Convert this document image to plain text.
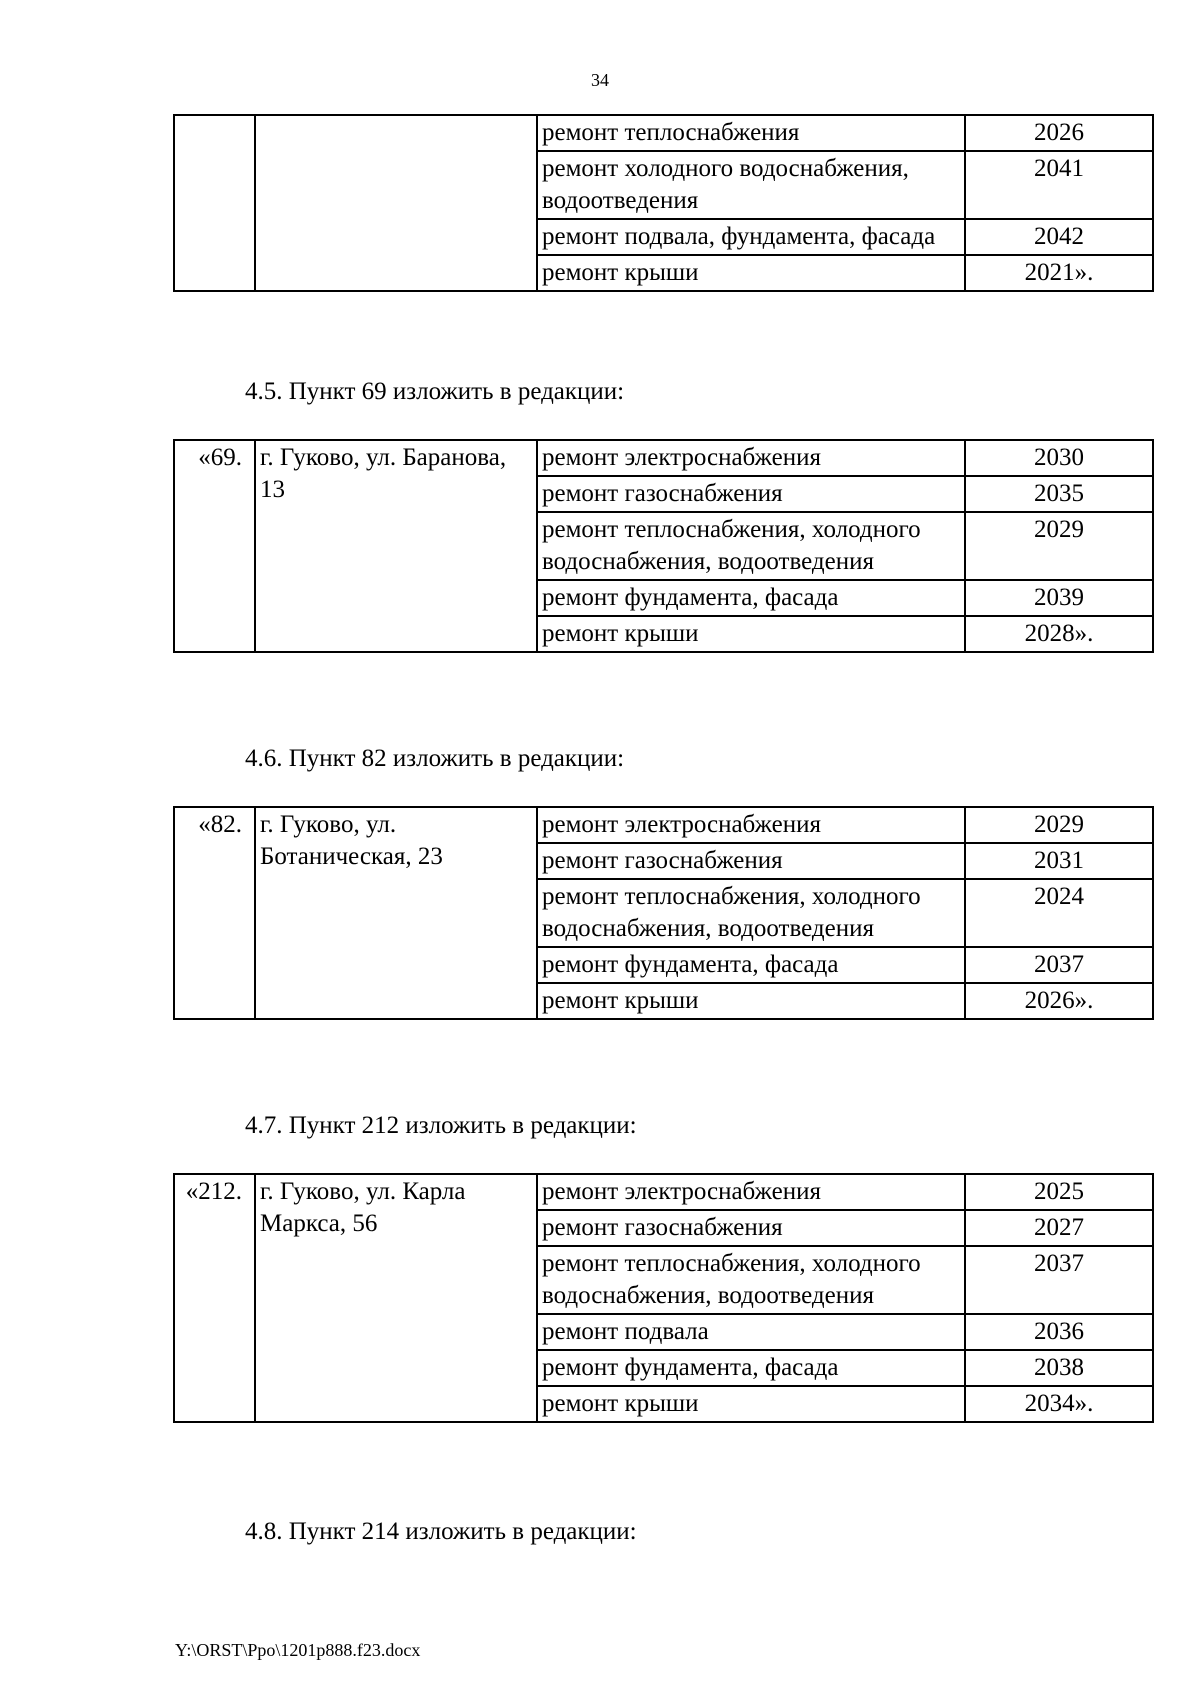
34
		ремонт теплоснабжения	2026
		ремонт холодного водоснабжения, водоотведения	2041
		ремонт подвала, фундамента, фасада	2042
		ремонт крыши	2021».
4.5. Пункт 69 изложить в редакции:
«69.	г. Гуково, ул. Баранова, 13	ремонт электроснабжения	2030
		ремонт газоснабжения	2035
		ремонт теплоснабжения, холодного водоснабжения, водоотведения	2029
		ремонт фундамента, фасада	2039
		ремонт крыши	2028».
4.6. Пункт 82 изложить в редакции:
«82.	г. Гуково, ул. Ботаническая, 23	ремонт электроснабжения	2029
		ремонт газоснабжения	2031
		ремонт теплоснабжения, холодного водоснабжения, водоотведения	2024
		ремонт фундамента, фасада	2037
		ремонт крыши	2026».
4.7. Пункт 212 изложить в редакции:
«212.	г. Гуково, ул. Карла Маркса, 56	ремонт электроснабжения	2025
		ремонт газоснабжения	2027
		ремонт теплоснабжения, холодного водоснабжения, водоотведения	2037
		ремонт подвала	2036
		ремонт фундамента, фасада	2038
		ремонт крыши	2034».
4.8. Пункт 214 изложить в редакции:
Y:\ORST\Ppo\1201p888.f23.docx
